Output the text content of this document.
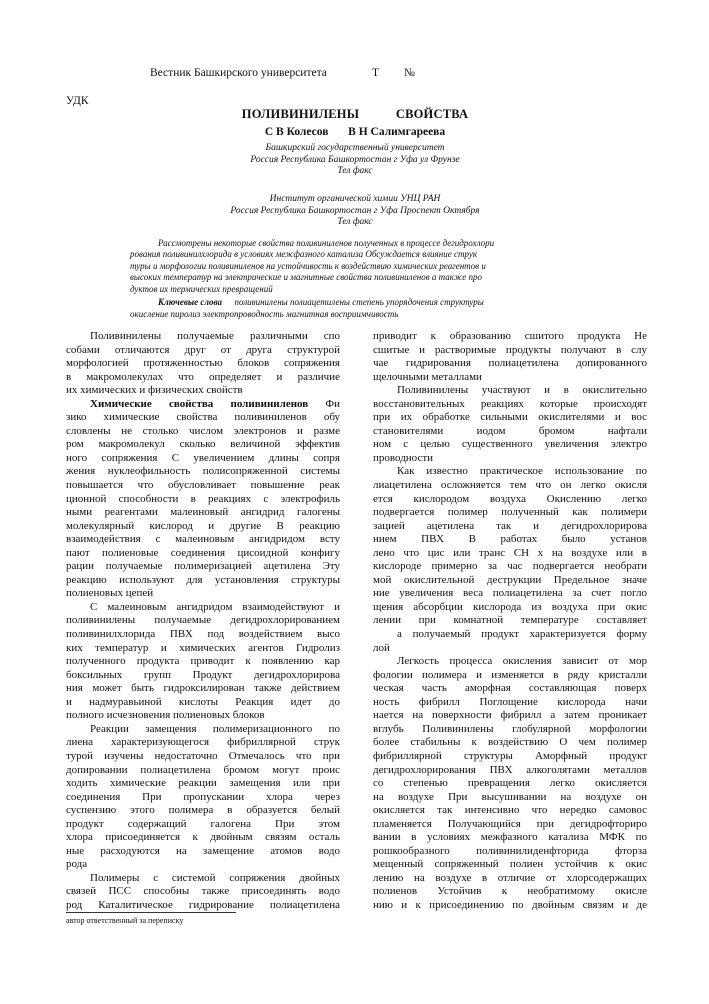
Вестник Башкирского университета	Т №
УДК
ПОЛИВИНИЛЕНЫ	СВОЙСТВА
С В Колесов В Н Салимгареева
Башкирский государственный университет
Россия Республика Башкортостан г Уфа ул Фрунзе
Тел факс
Институт органической химии УНЦ РАН
Россия Республика Башкортостан г Уфа Проспект Октября
Тел факс
Рассмотрены некоторые свойства поливиниленов полученных в процессе дегидрохлори
рования поливинилхлорида в условиях межфазного катализа Обсуждается влияние струк
туры и морфологии поливиниленов на устойчивость к воздействию химических реагентов и
высоких температур на электрические и магнитные свойства поливиниленов а также про
дуктов их термических превращений
Ключевые слова поливинилены полиацетилены степень упорядочения структуры
окисление пиролиз электропроводность магнитная восприимчивость
Поливинилены получаемые различными спо
собами отличаются друг от друга структурой
морфологией протяженностью блоков сопряжения
в макромолекулах что определяет и различие
их химических и физических свойств
Химические свойства поливиниленов Фи
зико химические свойства поливиниленов обу
словлены не столько числом электронов и разме
ром макромолекул сколько величиной эффектив
ного сопряжения С увеличением длины сопря
жения нуклеофильность полисопряженной системы
повышается что обусловливает повышение реак
ционной способности в реакциях с электрофиль
ными реагентами малеиновый ангидрид галогены
молекулярный кислород и другие В реакцию
взаимодействия с малеиновым ангидридом всту
пают полиеновые соединения цисоидной конфигу
рации получаемые полимеризацией ацетилена Эту
реакцию используют для установления структуры
полиеновых цепей
С малеиновым ангидридом взаимодействуют и
поливинилены получаемые дегидрохлорированием
поливинилхлорида ПВХ под воздействием высо
ких температур и химических агентов Гидролиз
полученного продукта приводит к появлению кар
боксильных групп Продукт дегидрохлорирова
ния может быть гидроксилирован также действием
и надмуравьиной кислоты Реакция идет до
полного исчезновения полиеновых блоков
Реакции замещения полимеризационного по
лиена характеризующегося фибриллярной струк
турой изучены недостаточно Отмечалось что при
допировании полиацетилена бромом могут проис
ходить химические реакции замещения или при
соединения При пропускании хлора через
суспензию этого полимера в образуется белый
продукт содержащий галогена При этом
хлора присоединяется к двойным связям осталь
ные расходуются на замещение атомов водо
рода
Полимеры с системой сопряжения двойных
связей ПСС способны также присоединять водо
род Каталитическое гидрирование полиацетилена
приводит к образованию сшитого продукта Не
сшитые и растворимые продукты получают в слу
чае гидрирования полиацетилена допированного
щелочными металлами
Поливинилены участвуют и в окислительно
восстановительных реакциях которые происходят
при их обработке сильными окислителями и вос
становителями иодом бромом нафтали
ном с целью существенного увеличения электро
проводности
Как известно практическое использование по
лиацетилена осложняется тем что он легко окисля
ется кислородом воздуха Окислению легко
подвергается полимер полученный как полимери
зацией ацетилена так и дегидрохлорирова
нием ПВХ В работах было установ
лено что цис или транс CH x на воздухе или в
кислороде примерно за час подвергается необрати
мой окислительной деструкции Предельное значе
ние увеличения веса полиацетилена за счет погло
щения абсорбции кислорода из воздуха при окис
лении при комнатной температуре составляет
а получаемый продукт характеризуется форму
лой
Легкость процесса окисления зависит от мор
фологии полимера и изменяется в ряду кристалли
ческая часть аморфная составляющая поверх
ность фибрилл Поглощение кислорода начи
нается на поверхности фибрилл а затем проникает
вглубь Поливинилены глобулярной морфологии
более стабильны к воздействию O чем полимер
фибриллярной структуры Аморфный продукт
дегидрохлорирования ПВХ алкоголятами металлов
со степенью превращения легко окисляется
на воздухе При высушивании на воздухе он
окисляется так интенсивно что нередко самовос
пламеняется Получающийся при дегидрофториро
вании в условиях межфазного катализа МФК по
рошкообразного поливинилиденфторида фторза
мещенный сопряженный полиен устойчив к окис
лению на воздухе в отличие от хлорсодержащих
полиенов Устойчив к необратимому окисле
нию и к присоединению по двойным связям и де
автор ответственный за переписку
